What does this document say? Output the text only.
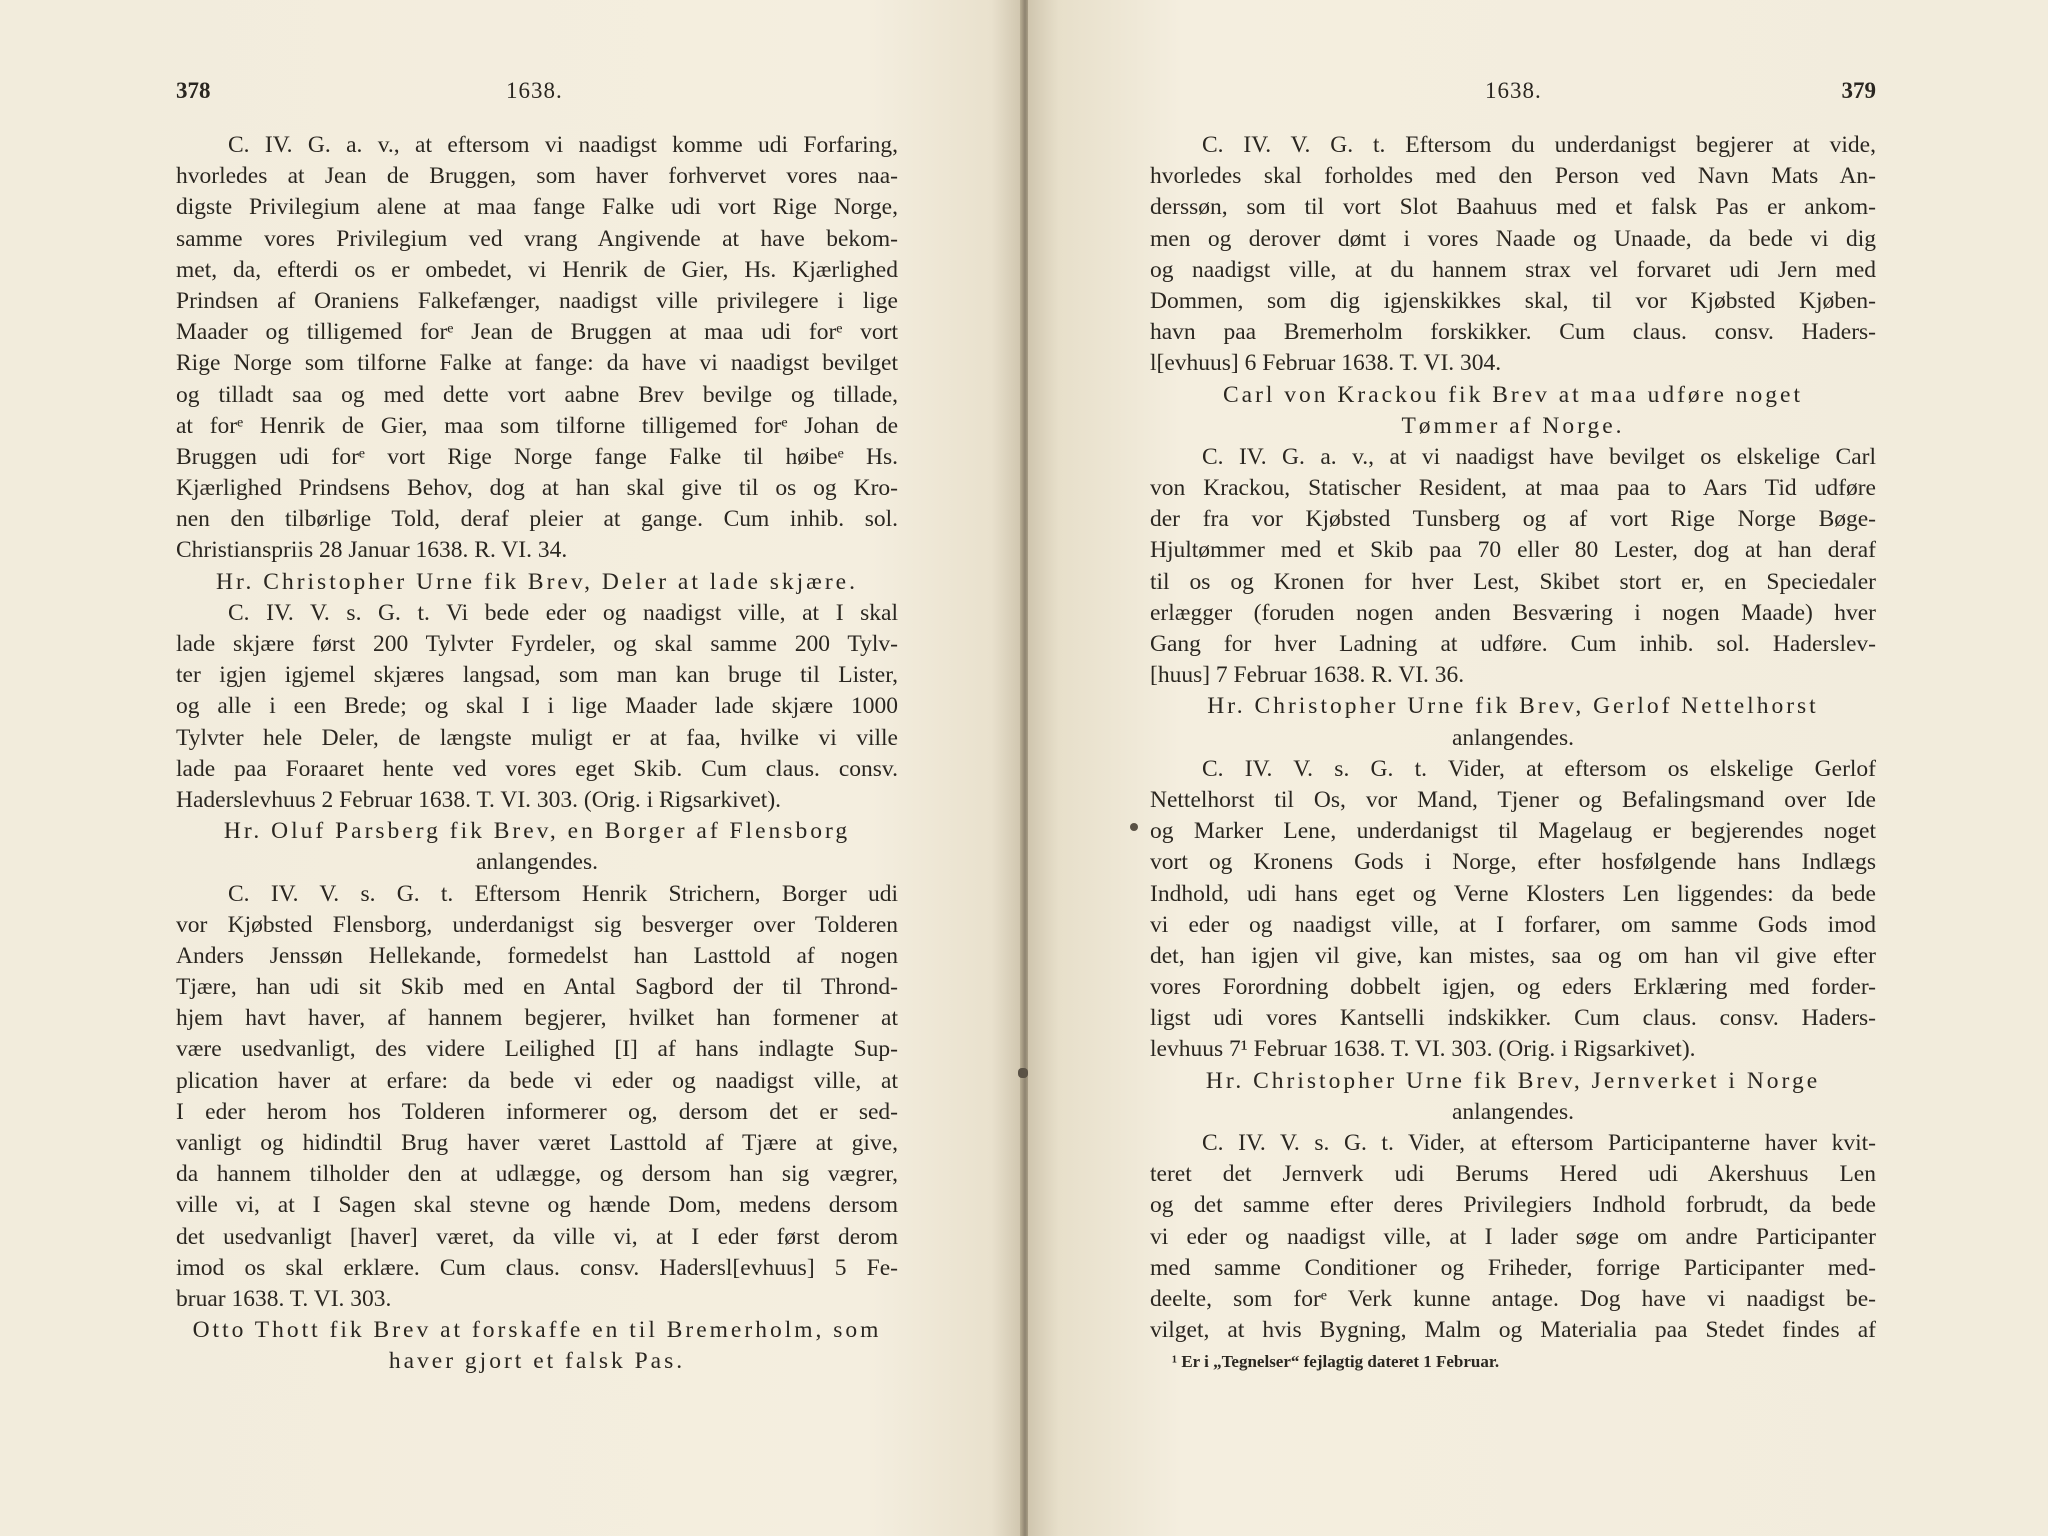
378	1638.	1638.	379
C. IV. G. a. v., at eftersom vi naadigst komme udi Forfaring,
hvorledes at Jean de Bruggen, som haver forhvervet vores naa-
digste Privilegium alene at maa fange Falke udi vort Rige Norge,
samme vores Privilegium ved vrang Angivende at have bekom-
met, da, efterdi os er ombedet, vi Henrik de Gier, Hs. Kjærlighed
Prindsen af Oraniens Falkefænger, naadigst ville privilegere i lige
Maader og tilligemed forᵉ Jean de Bruggen at maa udi forᵉ vort
Rige Norge som tilforne Falke at fange: da have vi naadigst bevilget
og tilladt saa og med dette vort aabne Brev bevilge og tillade,
at forᵉ Henrik de Gier, maa som tilforne tilligemed forᵉ Johan de
Bruggen udi forᵉ vort Rige Norge fange Falke til høibeᵉ Hs.
Kjærlighed Prindsens Behov, dog at han skal give til os og Kro-
nen den tilbørlige Told, deraf pleier at gange. Cum inhib. sol.
Christianspriis 28 Januar 1638. R. VI. 34.
Hr. Christopher Urne fik Brev, Deler at lade skjære.
C. IV. V. s. G. t. Vi bede eder og naadigst ville, at I skal
lade skjære først 200 Tylvter Fyrdeler, og skal samme 200 Tylv-
ter igjen igjemel skjæres langsad, som man kan bruge til Lister,
og alle i een Brede; og skal I i lige Maader lade skjære 1000
Tylvter hele Deler, de længste muligt er at faa, hvilke vi ville
lade paa Foraaret hente ved vores eget Skib. Cum claus. consv.
Haderslevhuus 2 Februar 1638. T. VI. 303. (Orig. i Rigsarkivet).
Hr. Oluf Parsberg fik Brev, en Borger af Flensborg
anlangendes.
C. IV. V. s. G. t. Eftersom Henrik Strichern, Borger udi
vor Kjøbsted Flensborg, underdanigst sig besverger over Tolderen
Anders Jenssøn Hellekande, formedelst han Lasttold af nogen
Tjære, han udi sit Skib med en Antal Sagbord der til Thrond-
hjem havt haver, af hannem begjerer, hvilket han formener at
være usedvanligt, des videre Leilighed [I] af hans indlagte Sup-
plication haver at erfare: da bede vi eder og naadigst ville, at
I eder herom hos Tolderen informerer og, dersom det er sed-
vanligt og hidindtil Brug haver været Lasttold af Tjære at give,
da hannem tilholder den at udlægge, og dersom han sig vægrer,
ville vi, at I Sagen skal stevne og hænde Dom, medens dersom
det usedvanligt [haver] været, da ville vi, at I eder først derom
imod os skal erklære. Cum claus. consv. Hadersl[evhuus] 5 Fe-
bruar 1638. T. VI. 303.
Otto Thott fik Brev at forskaffe en til Bremerholm, som
haver gjort et falsk Pas.
C. IV. V. G. t. Eftersom du underdanigst begjerer at vide,
hvorledes skal forholdes med den Person ved Navn Mats An-
derssøn, som til vort Slot Baahuus med et falsk Pas er ankom-
men og derover dømt i vores Naade og Unaade, da bede vi dig
og naadigst ville, at du hannem strax vel forvaret udi Jern med
Dommen, som dig igjenskikkes skal, til vor Kjøbsted Kjøben-
havn paa Bremerholm forskikker. Cum claus. consv. Haders-
l[evhuus] 6 Februar 1638. T. VI. 304.
Carl von Krackou fik Brev at maa udføre noget
Tømmer af Norge.
C. IV. G. a. v., at vi naadigst have bevilget os elskelige Carl
von Krackou, Statischer Resident, at maa paa to Aars Tid udføre
der fra vor Kjøbsted Tunsberg og af vort Rige Norge Bøge-
Hjultømmer med et Skib paa 70 eller 80 Lester, dog at han deraf
til os og Kronen for hver Lest, Skibet stort er, en Speciedaler
erlægger (foruden nogen anden Besværing i nogen Maade) hver
Gang for hver Ladning at udføre. Cum inhib. sol. Haderslev-
[huus] 7 Februar 1638. R. VI. 36.
Hr. Christopher Urne fik Brev, Gerlof Nettelhorst
anlangendes.
C. IV. V. s. G. t. Vider, at eftersom os elskelige Gerlof
Nettelhorst til Os, vor Mand, Tjener og Befalingsmand over Ide
og Marker Lene, underdanigst til Magelaug er begjerendes noget
vort og Kronens Gods i Norge, efter hosfølgende hans Indlægs
Indhold, udi hans eget og Verne Klosters Len liggendes: da bede
vi eder og naadigst ville, at I forfarer, om samme Gods imod
det, han igjen vil give, kan mistes, saa og om han vil give efter
vores Forordning dobbelt igjen, og eders Erklæring med forder-
ligst udi vores Kantselli indskikker. Cum claus. consv. Haders-
levhuus 7¹ Februar 1638. T. VI. 303. (Orig. i Rigsarkivet).
Hr. Christopher Urne fik Brev, Jernverket i Norge
anlangendes.
C. IV. V. s. G. t. Vider, at eftersom Participanterne haver kvit-
teret det Jernverk udi Berums Hered udi Akershuus Len
og det samme efter deres Privilegiers Indhold forbrudt, da bede
vi eder og naadigst ville, at I lader søge om andre Participanter
med samme Conditioner og Friheder, forrige Participanter med-
deelte, som forᵉ Verk kunne antage. Dog have vi naadigst be-
vilget, at hvis Bygning, Malm og Materialia paa Stedet findes af
¹ Er i „Tegnelser“ fejlagtig dateret 1 Februar.
